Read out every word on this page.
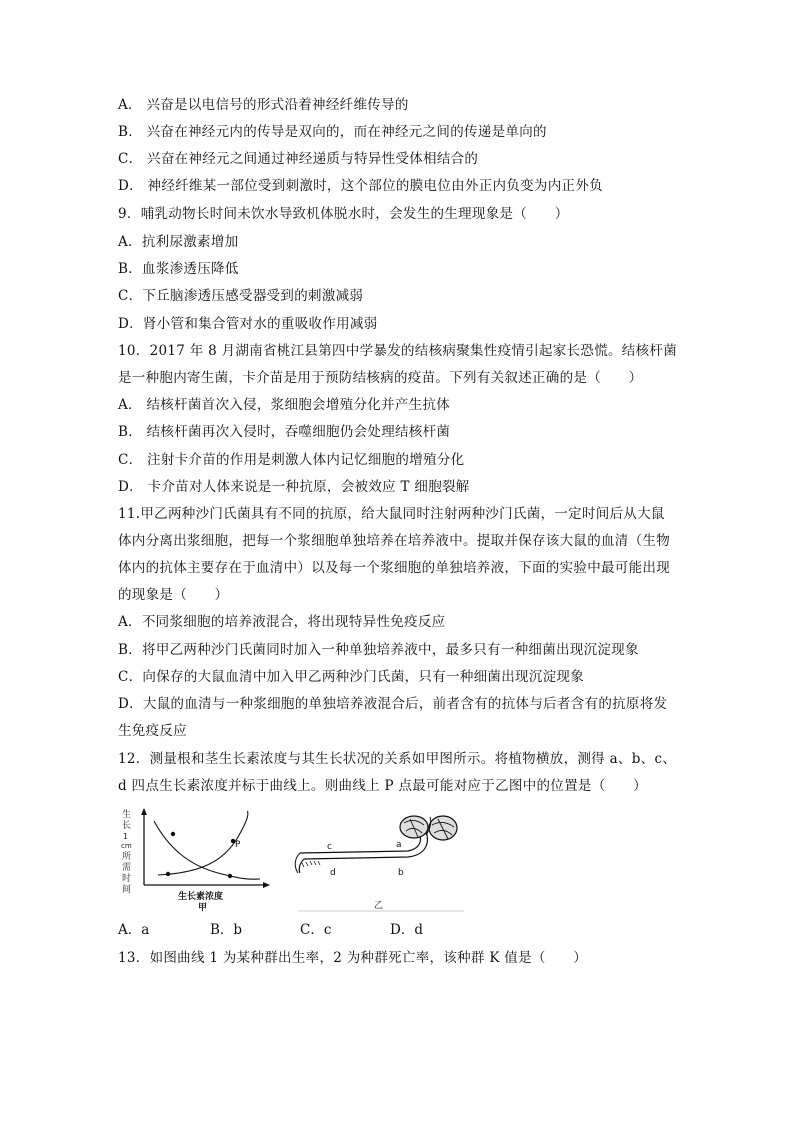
A． 兴奋是以电信号的形式沿着神经纤维传导的
B． 兴奋在神经元内的传导是双向的，而在神经元之间的传递是单向的
C． 兴奋在神经元之间通过神经递质与特异性受体相结合的
D． 神经纤维某一部位受到刺激时，这个部位的膜电位由外正内负变为内正外负
9．哺乳动物长时间未饮水导致机体脱水时，会发生的生理现象是（　　）
A．抗利尿激素增加
B．血浆渗透压降低
C．下丘脑渗透压感受器受到的刺激减弱
D．肾小管和集合管对水的重吸收作用减弱
10．2017 年 8 月湖南省桃江县第四中学暴发的结核病聚集性疫情引起家长恐慌。结核杆菌
是一种胞内寄生菌，卡介苗是用于预防结核病的疫苗。下列有关叙述正确的是（　　）
A． 结核杆菌首次入侵，浆细胞会增殖分化并产生抗体
B． 结核杆菌再次入侵时，吞噬细胞仍会处理结核杆菌
C． 注射卡介苗的作用是刺激人体内记忆细胞的增殖分化
D． 卡介苗对人体来说是一种抗原，会被效应 T 细胞裂解
11.甲乙两种沙门氏菌具有不同的抗原，给大鼠同时注射两种沙门氏菌，一定时间后从大鼠
体内分离出浆细胞，把每一个浆细胞单独培养在培养液中。提取并保存该大鼠的血清（生物
体内的抗体主要存在于血清中）以及每一个浆细胞的单独培养液，下面的实验中最可能出现
的现象是（　　）
A．不同浆细胞的培养液混合，将出现特异性免疫反应
B．将甲乙两种沙门氏菌同时加入一种单独培养液中，最多只有一种细菌出现沉淀现象
C．向保存的大鼠血清中加入甲乙两种沙门氏菌，只有一种细菌出现沉淀现象
D．大鼠的血清与一种浆细胞的单独培养液混合后，前者含有的抗体与后者含有的抗原将发
生免疫反应
12．测量根和茎生长素浓度与其生长状况的关系如甲图所示。将植物横放，测得 a、b、c、
d 四点生长素浓度并标于曲线上。则曲线上 P 点最可能对应于乙图中的位置是（　　）
生
长
1
cm
所
需
时
间
P
生长素浓度
甲
c	a
d	b
乙
A．a	B．b	C．c	D．d
13．如图曲线 1 为某种群出生率，2 为种群死亡率，该种群 K 值是（　　）
